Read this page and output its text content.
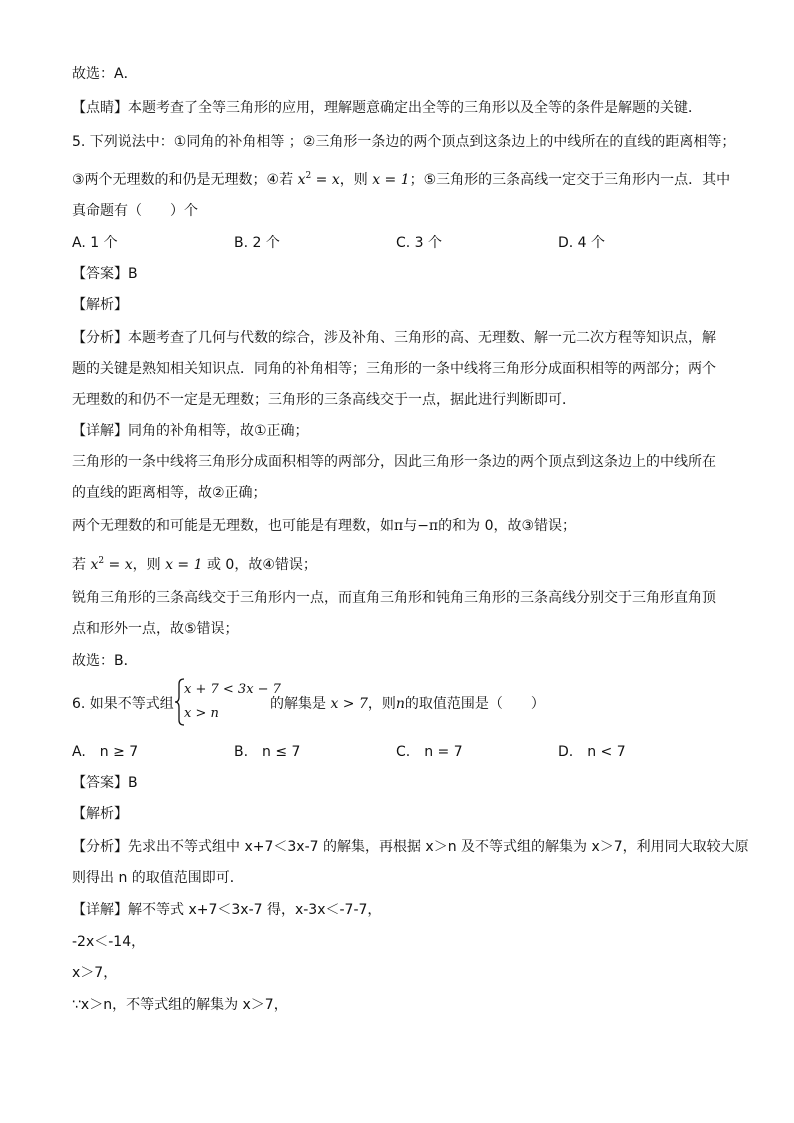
故选：A．
【点睛】本题考查了全等三角形的应用，理解题意确定出全等的三角形以及全等的条件是解题的关键．
5. 下列说法中：①同角的补角相等 ；②三角形一条边的两个顶点到这条边上的中线所在的直线的距离相等；
③两个无理数的和仍是无理数；④若 $x^2 = x$，则 x = 1；⑤三角形的三条高线一定交于三角形内一点．其中
真命题有（　　）个
A. 1 个	B. 2 个	C. 3 个	D. 4 个
【答案】B
【解析】
【分析】本题考查了几何与代数的综合，涉及补角、三角形的高、无理数、解一元二次方程等知识点，解
题的关键是熟知相关知识点．同角的补角相等；三角形的一条中线将三角形分成面积相等的两部分；两个
无理数的和仍不一定是无理数；三角形的三条高线交于一点，据此进行判断即可．
【详解】同角的补角相等，故①正确；
三角形的一条中线将三角形分成面积相等的两部分，因此三角形一条边的两个顶点到这条边上的中线所在
的直线的距离相等，故②正确；
两个无理数的和可能是无理数，也可能是有理数，如π与−π的和为 0，故③错误；
若 $x^2 = x$，则 x = 1 或 0，故④错误；
锐角三角形的三条高线交于三角形内一点，而直角三角形和钝角三角形的三条高线分别交于三角形直角顶
点和形外一点，故⑤错误；
故选：B．
6. 如果不等式组
x + 7 < 3x − 7
x > n
的解集是 x > 7，则n的取值范围是（　　）
A.　n ≥ 7	B.　n ≤ 7	C.　n = 7	D.　n < 7
【答案】B
【解析】
【分析】先求出不等式组中 x+7＜3x-7 的解集，再根据 x＞n 及不等式组的解集为 x＞7，利用同大取较大原
则得出 n 的取值范围即可．
【详解】解不等式 x+7＜3x-7 得，x-3x＜-7-7，
-2x＜-14，
x＞7，
∵x＞n，不等式组的解集为 x＞7，
